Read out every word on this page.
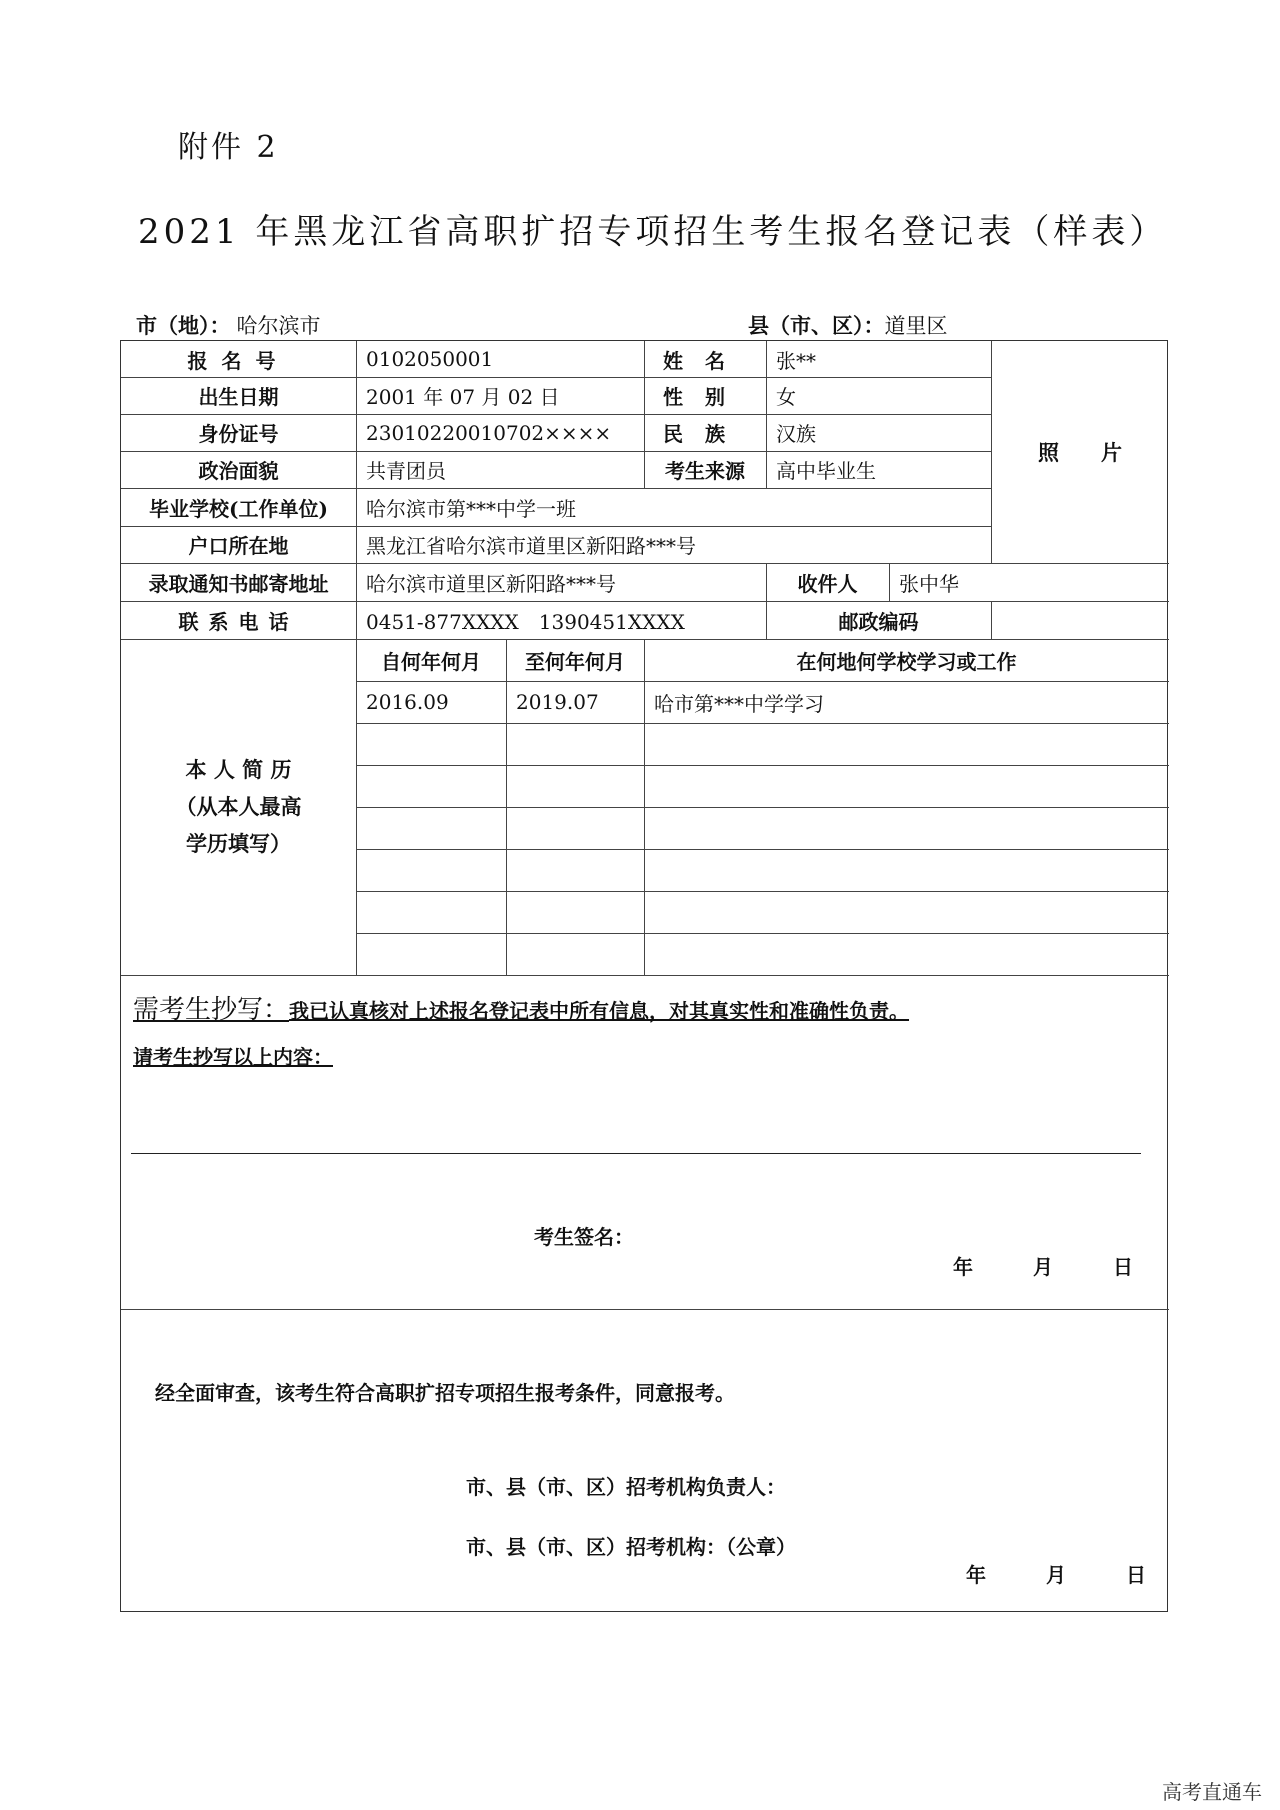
附件 2
2021 年黑龙江省高职扩招专项招生考生报名登记表（样表）
市（地）： 哈尔滨市	县（市、区）：道里区
报名号	0102050001	姓名	张**
出生日期	2001 年 07 月 02 日	性别	女
身份证号	23010220010702××××	民族	汉族
政治面貌	共青团员	考生来源	高中毕业生
照　　片
毕业学校(工作单位)	哈尔滨市第***中学一班
户口所在地	黑龙江省哈尔滨市道里区新阳路***号
录取通知书邮寄地址	哈尔滨市道里区新阳路***号	收件人	张中华
联系电话	0451-877XXXX　1390451XXXX	邮政编码
本 人 简 历
（从本人最高
学历填写）
自何年何月	至何年何月	在何地何学校学习或工作
2016.09	2019.07	哈市第***中学学习
需考生抄写：我已认真核对上述报名登记表中所有信息，对其真实性和准确性负责。
请考生抄写以上内容：
考生签名：
年　　　月　　　日
经全面审查，该考生符合高职扩招专项招生报考条件，同意报考。
市、县（市、区）招考机构负责人：
市、县（市、区）招考机构：（公章）
年　　　月　　　日
高考直通车
